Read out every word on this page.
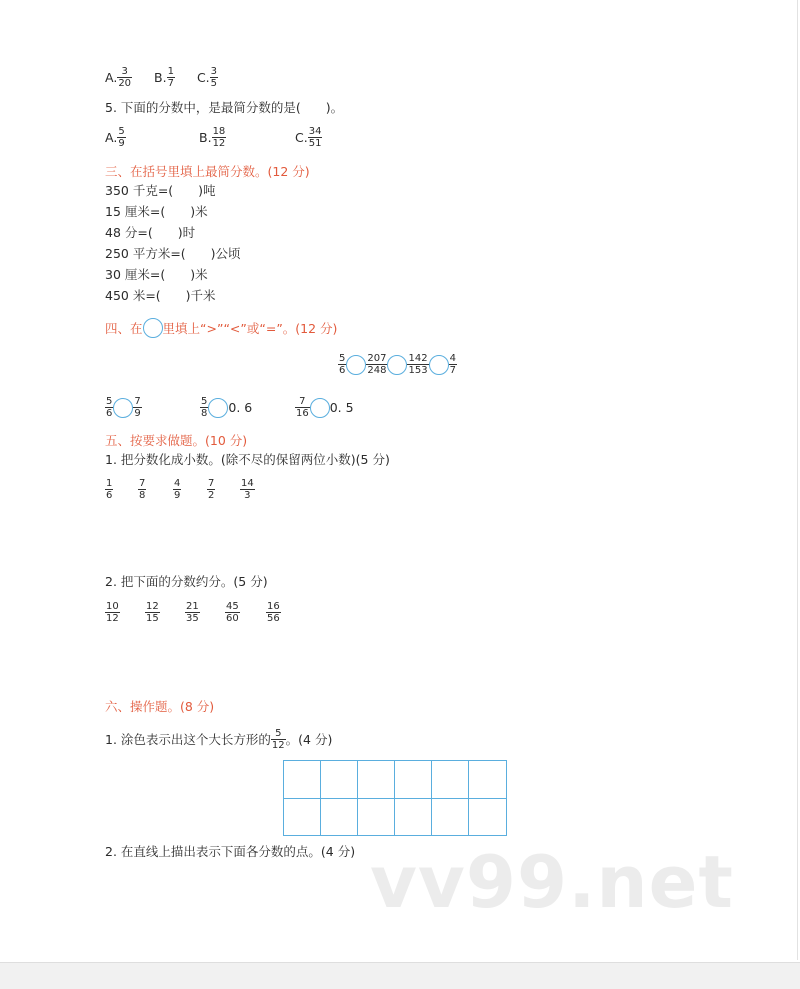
A. $\frac{3}{20}$
B. $\frac{1}{7}$
C. $\frac{3}{5}$
5. 下面的分数中，是最简分数的是(　　)。
A. $\frac{5}{9}$	B. $\frac{18}{12}$	C. $\frac{34}{51}$
三、在括号里填上最简分数。(12 分)
350 千克=(　　)吨
15 厘米=(　　)米
48 分=(　　)时
250 平方米=(　　)公顷
30 厘米=(　　)米
450 米=(　　)千米
四、在 里填上“>”“<”或“=”。(12 分)
$\frac{5}{6} \frac{207}{248} \frac{142}{153} \frac{4}{7}$
$\frac{5}{6} \frac{7}{9}$	$\frac{5}{8} 0$. 6	$\frac{7}{16} 0$. 5
五、按要求做题。(10 分)
1. 把分数化成小数。(除不尽的保留两位小数)(5 分)
1
6
7
8
4
9
7
2
14
3
2. 把下面的分数约分。(5 分)
10
12
12
15
21
35
45
60
16
56
六、操作题。(8 分)
1. 涂色表示出这个大长方形的 $\frac{5}{12}$ 。(4 分)
2. 在直线上描出表示下面各分数的点。(4 分) vv99.net
